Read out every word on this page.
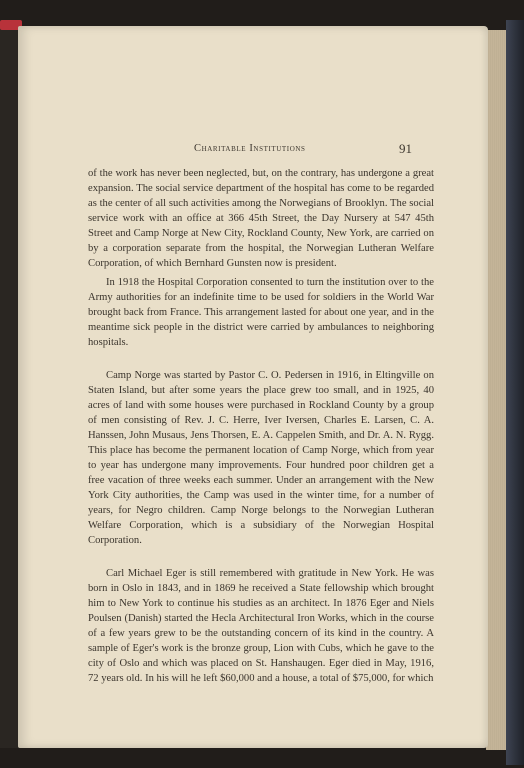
Charitable Institutions	91

of the work has never been neglected, but, on the contrary, has undergone a great expansion. The social service department of the hospital has come to be regarded as the center of all such activities among the Norwegians of Brooklyn. The social service work with an office at 366 45th Street, the Day Nursery at 547 45th Street and Camp Norge at New City, Rockland County, New York, are carried on by a corporation separate from the hospital, the Norwegian Lutheran Welfare Corporation, of which Bernhard Gunsten now is president.

In 1918 the Hospital Corporation consented to turn the institution over to the Army authorities for an indefinite time to be used for soldiers in the World War brought back from France. This arrangement lasted for about one year, and in the meantime sick people in the district were carried by ambulances to neighboring hospitals.

Camp Norge was started by Pastor C. O. Pedersen in 1916, in Eltingville on Staten Island, but after some years the place grew too small, and in 1925, 40 acres of land with some houses were purchased in Rockland County by a group of men consisting of Rev. J. C. Herre, Iver Iversen, Charles E. Larsen, C. A. Hanssen, John Musaus, Jens Thorsen, E. A. Cappelen Smith, and Dr. A. N. Rygg. This place has become the permanent location of Camp Norge, which from year to year has undergone many improvements. Four hundred poor children get a free vacation of three weeks each summer. Under an arrangement with the New York City authorities, the Camp was used in the winter time, for a number of years, for Negro children. Camp Norge belongs to the Norwegian Lutheran Welfare Corporation, which is a subsidiary of the Norwegian Hospital Corporation.

Carl Michael Eger is still remembered with gratitude in New York. He was born in Oslo in 1843, and in 1869 he received a State fellowship which brought him to New York to continue his studies as an architect. In 1876 Eger and Niels Poulsen (Danish) started the Hecla Architectural Iron Works, which in the course of a few years grew to be the outstanding concern of its kind in the country. A sample of Eger's work is the bronze group, Lion with Cubs, which he gave to the city of Oslo and which was placed on St. Hanshaugen. Eger died in May, 1916, 72 years old. In his will he left $60,000 and a house, a total of $75,000, for which
